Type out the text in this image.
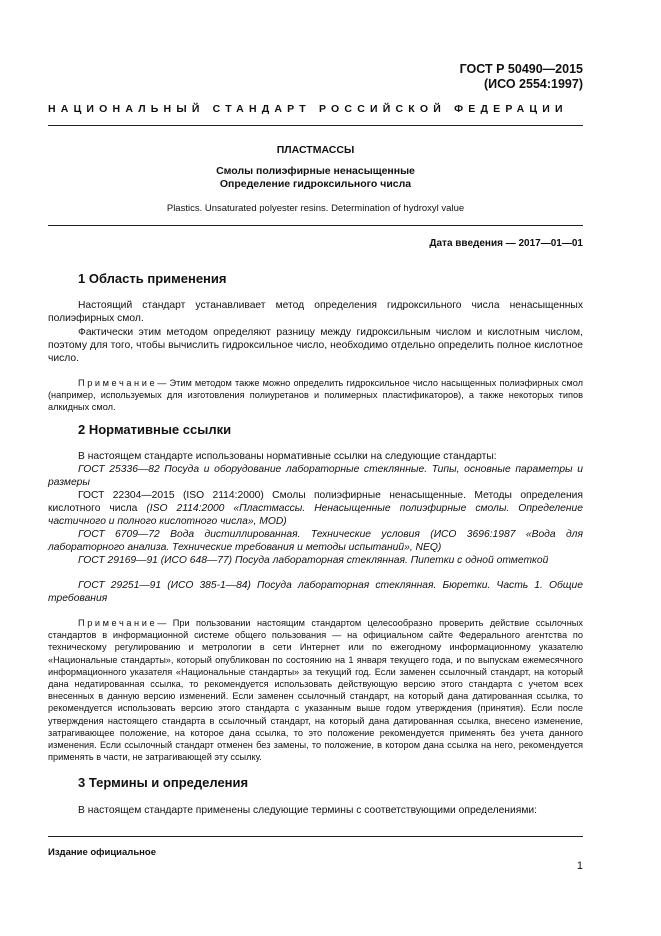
ГОСТ Р 50490—2015
(ИСО 2554:1997)
НАЦИОНАЛЬНЫЙ СТАНДАРТ РОССИЙСКОЙ ФЕДЕРАЦИИ
ПЛАСТМАССЫ
Смолы полиэфирные ненасыщенные
Определение гидроксильного числа
Plastics. Unsaturated polyester resins. Determination of hydroxyl value
Дата введения — 2017—01—01
1 Область применения
Настоящий стандарт устанавливает метод определения гидроксильного числа ненасыщенных полиэфирных смол.
Фактически этим методом определяют разницу между гидроксильным числом и кислотным числом, поэтому для того, чтобы вычислить гидроксильное число, необходимо отдельно определить полное кислотное число.
Примечание— Этим методом также можно определить гидроксильное число насыщенных полиэфирных смол (например, используемых для изготовления полиуретанов и полимерных пластификаторов), а также некоторых типов алкидных смол.
2 Нормативные ссылки
В настоящем стандарте использованы нормативные ссылки на следующие стандарты:
ГОСТ 25336—82 Посуда и оборудование лабораторные стеклянные. Типы, основные параметры и размеры
ГОСТ 22304—2015 (ISO 2114:2000) Смолы полиэфирные ненасыщенные. Методы определения кислотного числа (ISO 2114:2000 «Пластмассы. Ненасыщенные полиэфирные смолы. Определение частичного и полного кислотного числа», MOD)
ГОСТ 6709—72 Вода дистиллированная. Технические условия (ИСО 3696:1987 «Вода для лабораторного анализа. Технические требования и методы испытаний», NEQ)
ГОСТ 29169—91 (ИСО 648—77) Посуда лабораторная стеклянная. Пипетки с одной отметкой
ГОСТ 29251—91 (ИСО 385-1—84) Посуда лабораторная стеклянная. Бюретки. Часть 1. Общие требования
Примечание— При пользовании настоящим стандартом целесообразно проверить действие ссылочных стандартов в информационной системе общего пользования — на официальном сайте Федерального агентства по техническому регулированию и метрологии в сети Интернет или по ежегодному информационному указателю «Национальные стандарты», который опубликован по состоянию на 1 января текущего года, и по выпускам ежемесячного информационного указателя «Национальные стандарты» за текущий год. Если заменен ссылочный стандарт, на который дана недатированная ссылка, то рекомендуется использовать действующую версию этого стандарта с учетом всех внесенных в данную версию изменений. Если заменен ссылочный стандарт, на который дана датированная ссылка, то рекомендуется использовать версию этого стандарта с указанным выше годом утверждения (принятия). Если после утверждения настоящего стандарта в ссылочный стандарт, на который дана датированная ссылка, внесено изменение, затрагивающее положение, на которое дана ссылка, то это положение рекомендуется применять без учета данного изменения. Если ссылочный стандарт отменен без замены, то положение, в котором дана ссылка на него, рекомендуется применять в части, не затрагивающей эту ссылку.
3 Термины и определения
В настоящем стандарте применены следующие термины с соответствующими определениями:
Издание официальное
1
